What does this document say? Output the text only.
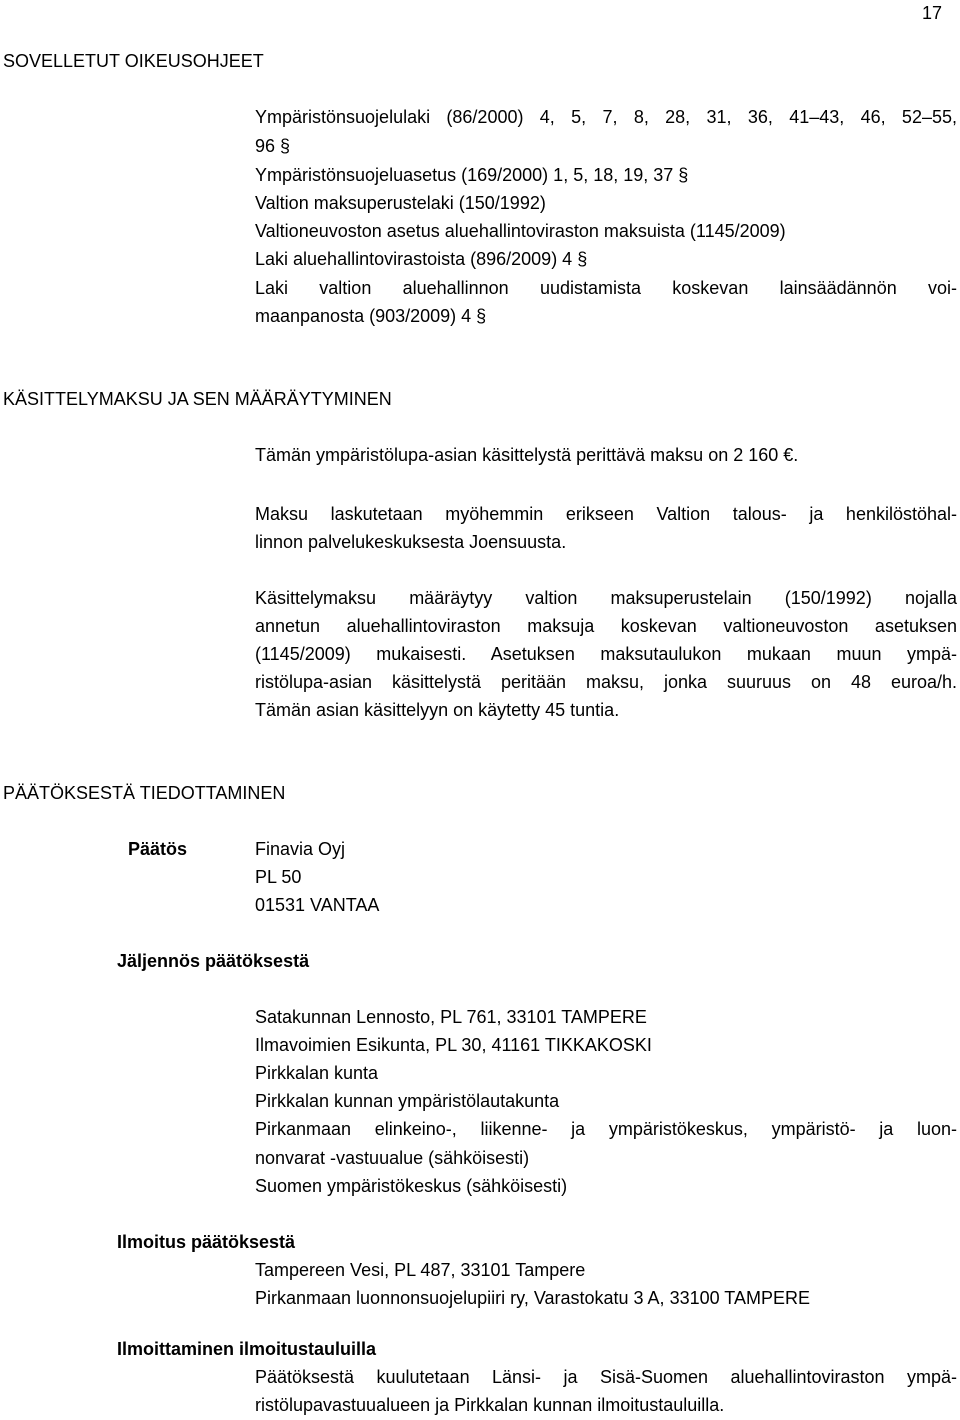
17
SOVELLETUT OIKEUSOHJEET
Ympäristönsuojelulaki (86/2000) 4, 5, 7, 8, 28, 31, 36, 41–43, 46, 52–55,
96 §
Ympäristönsuojeluasetus (169/2000) 1, 5, 18, 19, 37 §
Valtion maksuperustelaki (150/1992)
Valtioneuvoston asetus aluehallintoviraston maksuista (1145/2009)
Laki aluehallintovirastoista (896/2009) 4 §
Laki valtion aluehallinnon uudistamista koskevan lainsäädännön voi-
maanpanosta (903/2009) 4 §
KÄSITTELYMAKSU JA SEN MÄÄRÄYTYMINEN
Tämän ympäristölupa-asian käsittelystä perittävä maksu on 2 160 €.
Maksu laskutetaan myöhemmin erikseen Valtion talous- ja henkilöstöhal-
linnon palvelukeskuksesta Joensuusta.
Käsittelymaksu määräytyy valtion maksuperustelain (150/1992) nojalla
annetun aluehallintoviraston maksuja koskevan valtioneuvoston asetuksen
(1145/2009) mukaisesti. Asetuksen maksutaulukon mukaan muun ympä-
ristölupa-asian käsittelystä peritään maksu, jonka suuruus on 48 euroa/h.
Tämän asian käsittelyyn on käytetty 45 tuntia.
PÄÄTÖKSESTÄ TIEDOTTAMINEN
Päätös	Finavia Oyj
PL 50
01531 VANTAA
Jäljennös päätöksestä
Satakunnan Lennosto, PL 761, 33101 TAMPERE
Ilmavoimien Esikunta, PL 30, 41161 TIKKAKOSKI
Pirkkalan kunta
Pirkkalan kunnan ympäristölautakunta
Pirkanmaan elinkeino-, liikenne- ja ympäristökeskus, ympäristö- ja luon-
nonvarat -vastuualue (sähköisesti)
Suomen ympäristökeskus (sähköisesti)
Ilmoitus päätöksestä
Tampereen Vesi, PL 487, 33101 Tampere
Pirkanmaan luonnonsuojelupiiri ry, Varastokatu 3 A, 33100 TAMPERE
Ilmoittaminen ilmoitustauluilla
Päätöksestä kuulutetaan Länsi- ja Sisä-Suomen aluehallintoviraston ympä-
ristölupavastuualueen ja Pirkkalan kunnan ilmoitustauluilla.
